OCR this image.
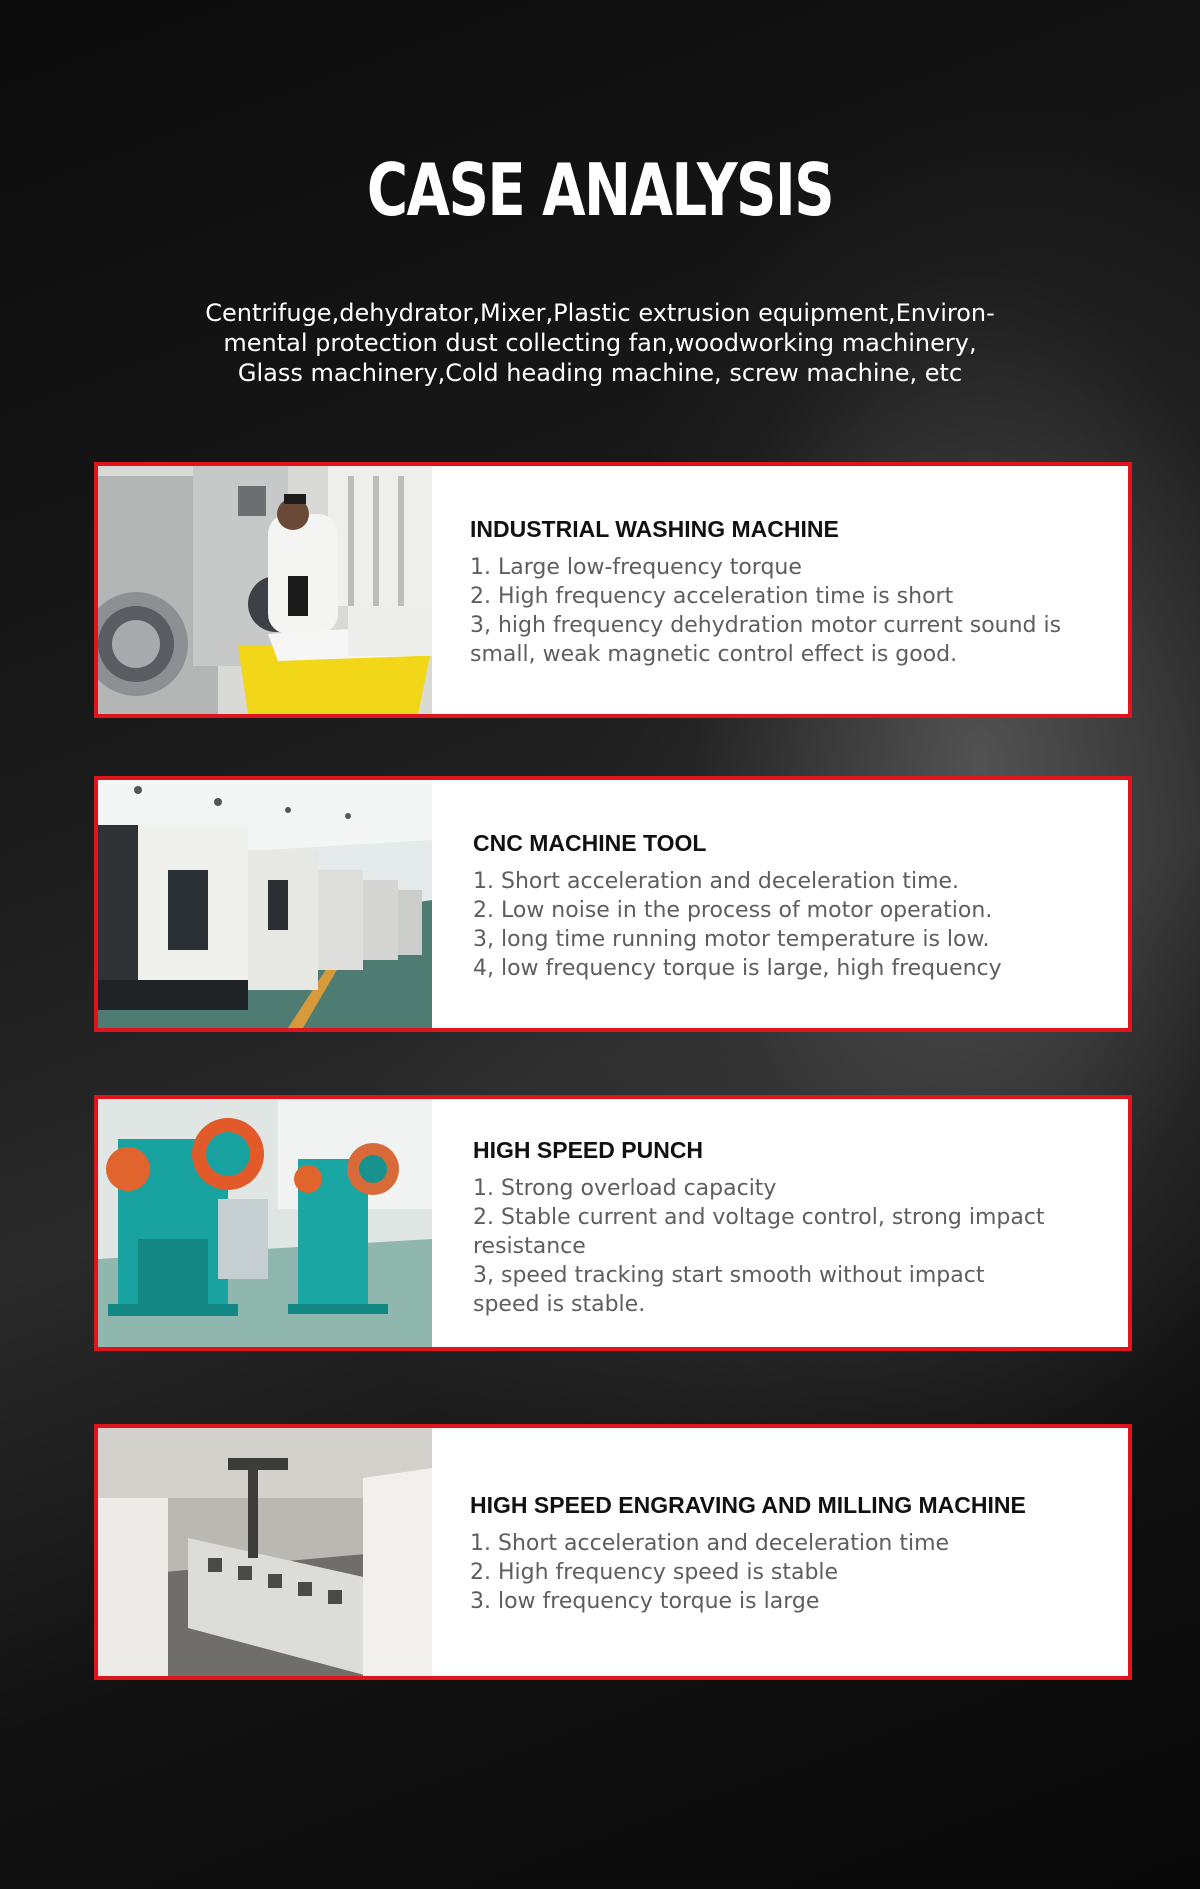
CASE ANALYSIS
Centrifuge,dehydrator,Mixer,Plastic extrusion equipment,Environ-
mental protection dust collecting fan,woodworking machinery,
Glass machinery,Cold heading machine, screw machine, etc
INDUSTRIAL WASHING MACHINE
1. Large low-frequency torque
2. High frequency acceleration time is short
3, high frequency dehydration motor current sound is
small, weak magnetic control effect is good.
CNC MACHINE TOOL
1. Short acceleration and deceleration time.
2. Low noise in the process of motor operation.
3, long time running motor temperature is low.
4, low frequency torque is large, high frequency
HIGH SPEED PUNCH
1. Strong overload capacity
2. Stable current and voltage control, strong impact
resistance
3, speed tracking start smooth without impact
speed is stable.
HIGH SPEED ENGRAVING AND MILLING MACHINE
1. Short acceleration and deceleration time
2. High frequency speed is stable
3. low frequency torque is large
